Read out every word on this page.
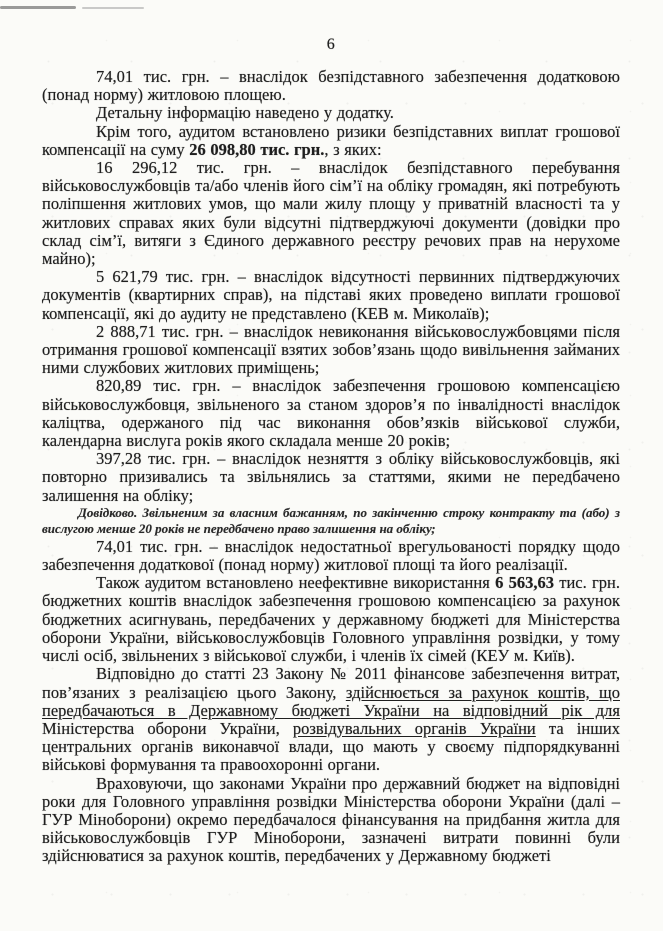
6

74,01 тис. грн. – внаслідок безпідставного забезпечення додатковою (понад норму) житловою площею.

Детальну інформацію наведено у додатку.

Крім того, аудитом встановлено ризики безпідставних виплат грошової компенсації на суму 26 098,80 тис. грн., з яких:

16 296,12 тис. грн. – внаслідок безпідставного перебування військовослужбовців та/або членів його сім’ї на обліку громадян, які потребують поліпшення житлових умов, що мали жилу площу у приватній власності та у житлових справах яких були відсутні підтверджуючі документи (довідки про склад сім’ї, витяги з Єдиного державного реєстру речових прав на нерухоме майно);

5 621,79 тис. грн. – внаслідок відсутності первинних підтверджуючих документів (квартирних справ), на підставі яких проведено виплати грошової компенсації, які до аудиту не представлено (КЕВ м. Миколаїв);

2 888,71 тис. грн. – внаслідок невиконання військовослужбовцями після отримання грошової компенсації взятих зобов’язань щодо вивільнення займаних ними службових житлових приміщень;

820,89 тис. грн. – внаслідок забезпечення грошовою компенсацією військовослужбовця, звільненого за станом здоров’я по інвалідності внаслідок каліцтва, одержаного під час виконання обов’язків військової служби, календарна вислуга років якого складала менше 20 років;

397,28 тис. грн. – внаслідок незняття з обліку військовослужбовців, які повторно призивались та звільнялись за статтями, якими не передбачено залишення на обліку;

Довідково. Звільненим за власним бажанням, по закінченню строку контракту та (або) з вислугою менше 20 років не передбачено право залишення на обліку;

74,01 тис. грн. – внаслідок недостатньої врегульованості порядку щодо забезпечення додаткової (понад норму) житлової площі та його реалізації.

Також аудитом встановлено неефективне використання 6 563,63 тис. грн. бюджетних коштів внаслідок забезпечення грошовою компенсацією за рахунок бюджетних асигнувань, передбачених у державному бюджеті для Міністерства оборони України, військовослужбовців Головного управління розвідки, у тому числі осіб, звільнених з військової служби, і членів їх сімей (КЕУ м. Київ).

Відповідно до статті 23 Закону № 2011 фінансове забезпечення витрат, пов’язаних з реалізацією цього Закону, здійснюється за рахунок коштів, що передбачаються в Державному бюджеті України на відповідний рік для Міністерства оборони України, розвідувальних органів України та інших центральних органів виконавчої влади, що мають у своєму підпорядкуванні військові формування та правоохоронні органи.

Враховуючи, що законами України про державний бюджет на відповідні роки для Головного управління розвідки Міністерства оборони України (далі – ГУР Міноборони) окремо передбачалося фінансування на придбання житла для військовослужбовців ГУР Міноборони, зазначені витрати повинні були здійснюватися за рахунок коштів, передбачених у Державному бюджеті
